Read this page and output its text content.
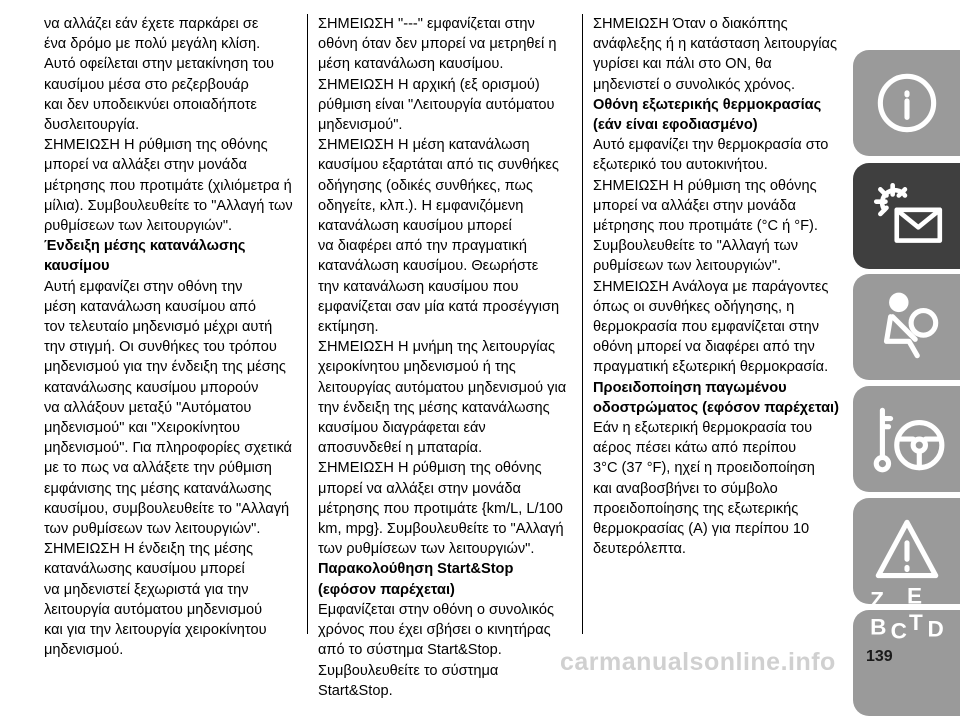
να αλλάζει εάν έχετε παρκάρει σε

ένα δρόμο με πολύ μεγάλη κλίση.

Αυτό οφείλεται στην μετακίνηση του

καυσίμου μέσα στο ρεζερβουάρ

και δεν υποδεικνύει οποιαδήποτε

δυσλειτουργία.

ΣΗΜΕΙΩΣΗ Η ρύθμιση της οθόνης

μπορεί να αλλάξει στην μονάδα

μέτρησης που προτιμάτε (χιλιόμετρα ή

μίλια). Συμβουλευθείτε το "Αλλαγή των

ρυθμίσεων των λειτουργιών".

Ένδειξη μέσης κατανάλωσης

καυσίμου

Αυτή εμφανίζει στην οθόνη την

μέση κατανάλωση καυσίμου από

τον τελευταίο μηδενισμό μέχρι αυτή

την στιγμή. Οι συνθήκες του τρόπου

μηδενισμού για την ένδειξη της μέσης

κατανάλωσης καυσίμου μπορούν

να αλλάξουν μεταξύ "Αυτόματου

μηδενισμού" και "Χειροκίνητου

μηδενισμού". Για πληροφορίες σχετικά

με το πως να αλλάξετε την ρύθμιση

εμφάνισης της μέσης κατανάλωσης

καυσίμου, συμβουλευθείτε το "Αλλαγή

των ρυθμίσεων των λειτουργιών".

ΣΗΜΕΙΩΣΗ Η ένδειξη της μέσης

κατανάλωσης καυσίμου μπορεί

να μηδενιστεί ξεχωριστά για την

λειτουργία αυτόματου μηδενισμού

και για την λειτουργία χειροκίνητου

μηδενισμού.

ΣΗΜΕΙΩΣΗ "---" εμφανίζεται στην

οθόνη όταν δεν μπορεί να μετρηθεί η

μέση κατανάλωση καυσίμου.

ΣΗΜΕΙΩΣΗ Η αρχική (εξ ορισμού)

ρύθμιση είναι "Λειτουργία αυτόματου

μηδενισμού".

ΣΗΜΕΙΩΣΗ Η μέση κατανάλωση

καυσίμου εξαρτάται από τις συνθήκες

οδήγησης (οδικές συνθήκες, πως

οδηγείτε, κλπ.). Η εμφανιζόμενη

κατανάλωση καυσίμου μπορεί

να διαφέρει από την πραγματική

κατανάλωση καυσίμου. Θεωρήστε

την κατανάλωση καυσίμου που

εμφανίζεται σαν μία κατά προσέγγιση

εκτίμηση.

ΣΗΜΕΙΩΣΗ Η μνήμη της λειτουργίας

χειροκίνητου μηδενισμού ή της

λειτουργίας αυτόματου μηδενισμού για

την ένδειξη της μέσης κατανάλωσης

καυσίμου διαγράφεται εάν

αποσυνδεθεί η μπαταρία.

ΣΗΜΕΙΩΣΗ Η ρύθμιση της οθόνης

μπορεί να αλλάξει στην μονάδα

μέτρησης που προτιμάτε {km/L, L/100

km, mpg}. Συμβουλευθείτε το "Αλλαγή

των ρυθμίσεων των λειτουργιών".

Παρακολούθηση Start&Stop

(εφόσον παρέχεται)

Εμφανίζεται στην οθόνη ο συνολικός

χρόνος που έχει σβήσει ο κινητήρας

από το σύστημα Start&Stop.

Συμβουλευθείτε το σύστημα

Start&Stop.

ΣΗΜΕΙΩΣΗ Όταν ο διακόπτης

ανάφλεξης ή η κατάσταση λειτουργίας

γυρίσει και πάλι στο ON, θα

μηδενιστεί ο συνολικός χρόνος.

Οθόνη εξωτερικής θερμοκρασίας

(εάν είναι εφοδιασμένο)

Αυτό εμφανίζει την θερμοκρασία στο

εξωτερικό του αυτοκινήτου.

ΣΗΜΕΙΩΣΗ Η ρύθμιση της οθόνης

μπορεί να αλλάξει στην μονάδα

μέτρησης που προτιμάτε (°C ή °F).

Συμβουλευθείτε το "Αλλαγή των

ρυθμίσεων των λειτουργιών".

ΣΗΜΕΙΩΣΗ Ανάλογα με παράγοντες

όπως οι συνθήκες οδήγησης, η

θερμοκρασία που εμφανίζεται στην

οθόνη μπορεί να διαφέρει από την

πραγματική εξωτερική θερμοκρασία.

Προειδοποίηση παγωμένου

οδοστρώματος (εφόσον παρέχεται)

Εάν η εξωτερική θερμοκρασία του

αέρος πέσει κάτω από περίπου

3°C (37 °F), ηχεί η προειδοποίηση

και αναβοσβήνει το σύμβολο

προειδοποίησης της εξωτερικής

θερμοκρασίας (A) για περίπου 10

δευτερόλεπτα.

Z E
B C T D
carmanualsonline.info	139
